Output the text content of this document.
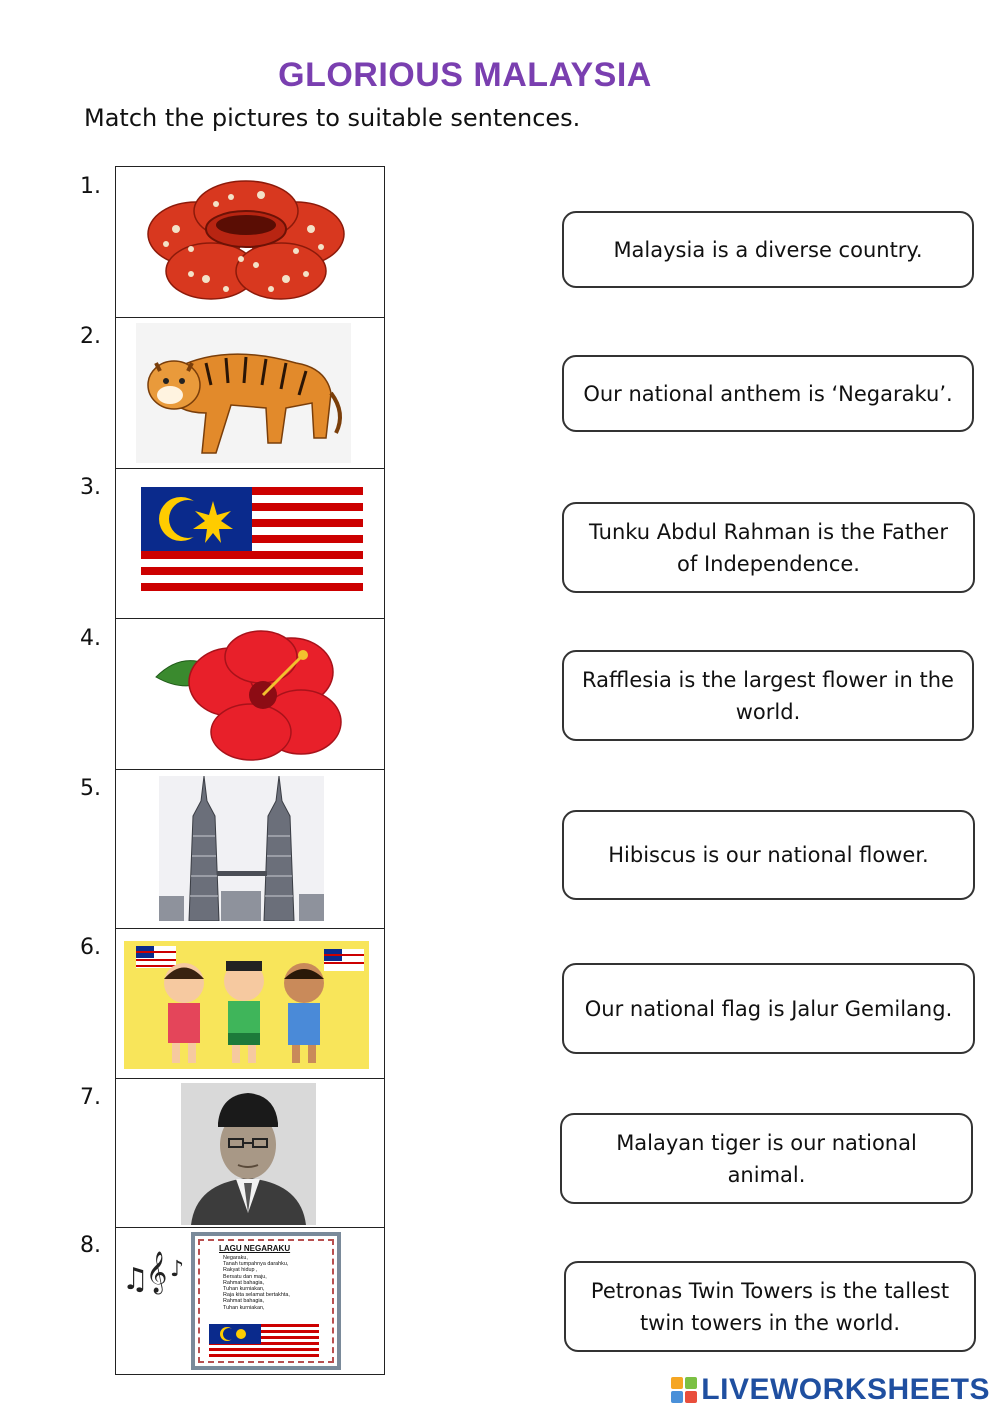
GLORIOUS MALAYSIA
Match the pictures to suitable sentences.
1.
2.
3.
4.
5.
6.
7.
8.
♫
𝄞 ♪
LAGU NEGARAKU
Negaraku,
Tanah tumpahnya darahku,
Rakyat hidup ,
Bersatu dan maju,
Rahmat bahagia,
Tuhan kurniakan,
Raja kita selamat bertakhta,
Rahmat bahagia,
Tuhan kurniakan,
Malaysia is a diverse country.
Our national anthem is ‘Negaraku’.
Tunku Abdul Rahman is the Father of Independence.
Rafflesia is the largest flower in the world.
Hibiscus is our national flower.
Our national flag is Jalur Gemilang.
Malayan tiger is our national animal.
Petronas Twin Towers is the tallest twin towers in the world.
LIVEWORKSHEETS
